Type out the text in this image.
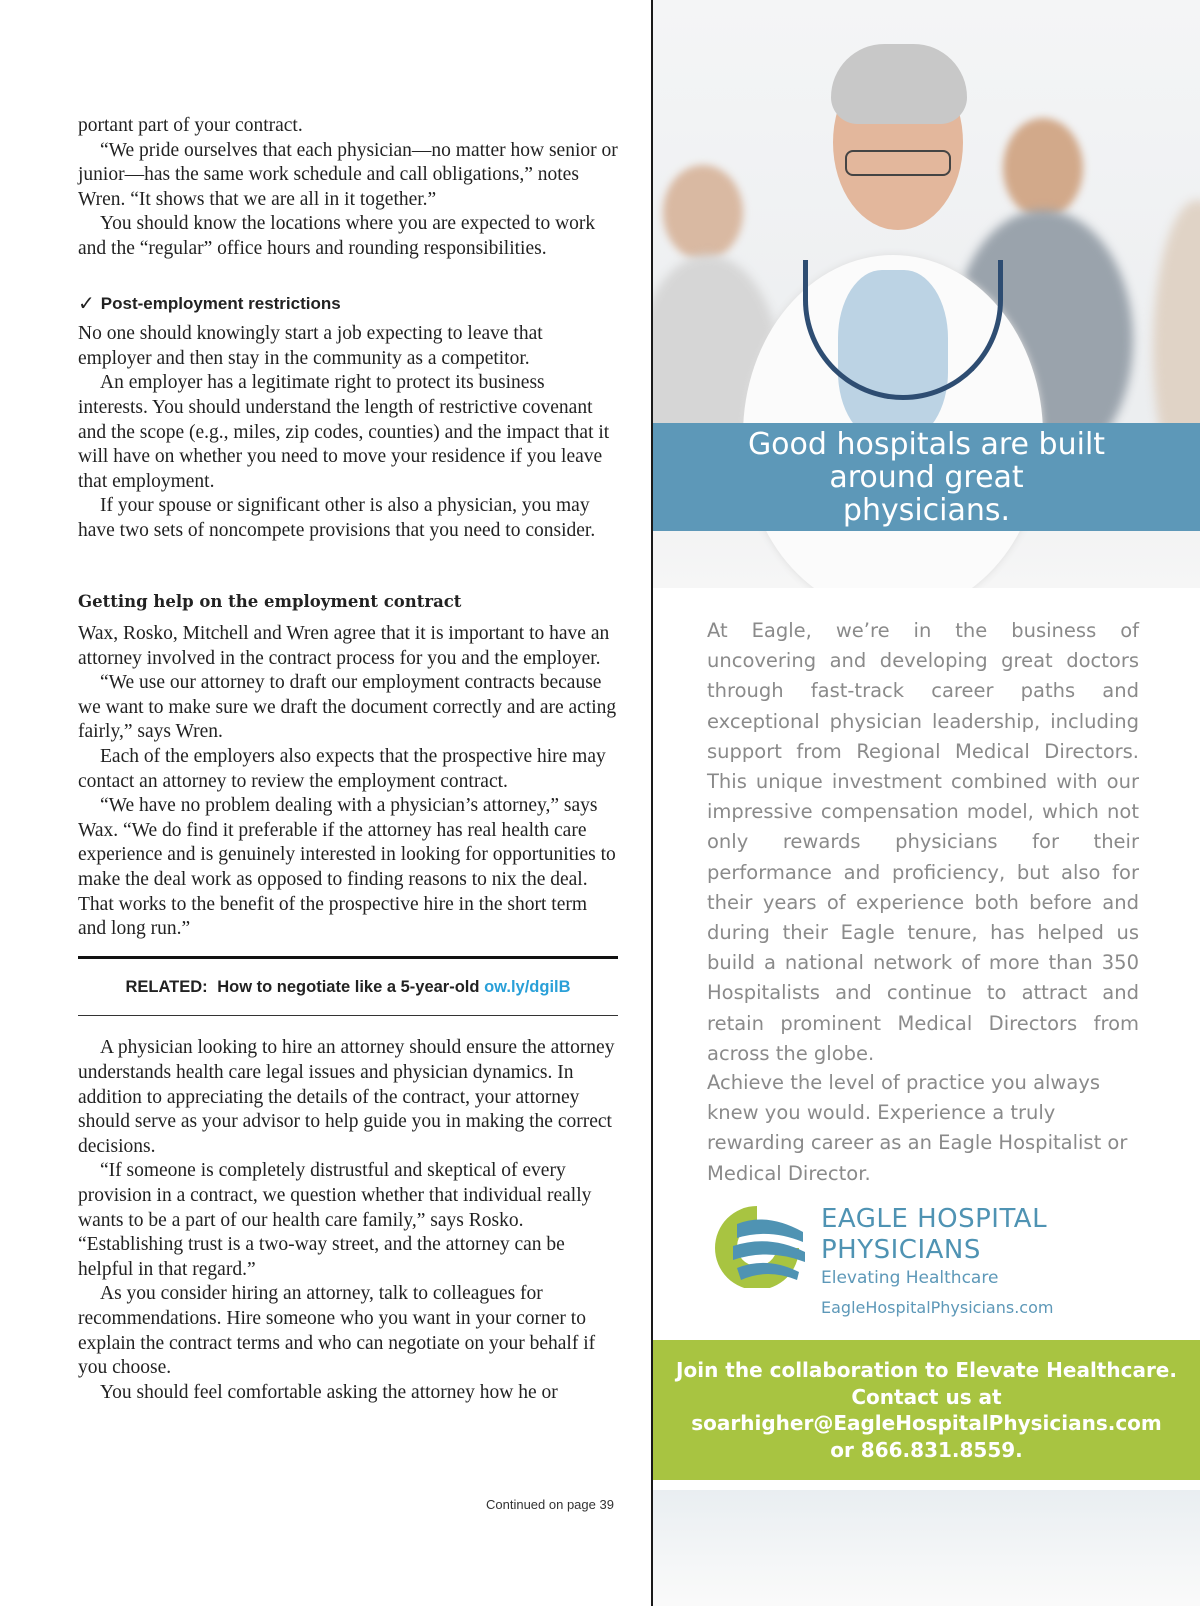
portant part of your contract.

“We pride ourselves that each physician—no matter how senior or junior—has the same work schedule and call obligations,” notes Wren. “It shows that we are all in it together.”

You should know the locations where you are expected to work and the “regular” office hours and rounding responsibilities.

✓ Post-employment restrictions

No one should knowingly start a job expecting to leave that employer and then stay in the community as a competitor.

An employer has a legitimate right to protect its business interests. You should understand the length of restrictive covenant and the scope (e.g., miles, zip codes, counties) and the impact that it will have on whether you need to move your residence if you leave that employment.

If your spouse or significant other is also a physician, you may have two sets of noncompete provisions that you need to consider.

Getting help on the employment contract

Wax, Rosko, Mitchell and Wren agree that it is important to have an attorney involved in the contract process for you and the employer.

“We use our attorney to draft our employment contracts because we want to make sure we draft the document correctly and are acting fairly,” says Wren.

Each of the employers also expects that the prospective hire may contact an attorney to review the employment contract.

“We have no problem dealing with a physician’s attorney,” says Wax. “We do find it preferable if the attorney has real health care experience and is genuinely interested in looking for opportunities to make the deal work as opposed to finding reasons to nix the deal. That works to the benefit of the prospective hire in the short term and long run.”

RELATED: How to negotiate like a 5-year-old ow.ly/dgilB

A physician looking to hire an attorney should ensure the attorney understands health care legal issues and physician dynamics. In addition to appreciating the details of the contract, your attorney should serve as your advisor to help guide you in making the correct decisions.

“If someone is completely distrustful and skeptical of every provision in a contract, we question whether that individual really wants to be a part of our health care family,” says Rosko. “Establishing trust is a two-way street, and the attorney can be helpful in that regard.”

As you consider hiring an attorney, talk to colleagues for recommendations. Hire someone who you want in your corner to explain the contract terms and who can negotiate on your behalf if you choose.

You should feel comfortable asking the attorney how he or

Continued on page 39
Good hospitals are built
around great physicians.
At Eagle, we’re in the business of uncovering and developing great doctors through fast-track career paths and exceptional physician leadership, including support from Regional Medical Directors. This unique investment combined with our impressive compensation model, which not only rewards physicians for their performance and proficiency, but also for their years of experience both before and during their Eagle tenure, has helped us build a national network of more than 350 Hospitalists and continue to attract and retain prominent Medical Directors from across the globe.
Achieve the level of practice you always knew you would. Experience a truly rewarding career as an Eagle Hospitalist or Medical Director.
EAGLE HOSPITAL
PHYSICIANS
Elevating Healthcare
EagleHospitalPhysicians.com
Join the collaboration to Elevate Healthcare.
Contact us at
soarhigher@EagleHospitalPhysicians.com
or 866.831.8559.
